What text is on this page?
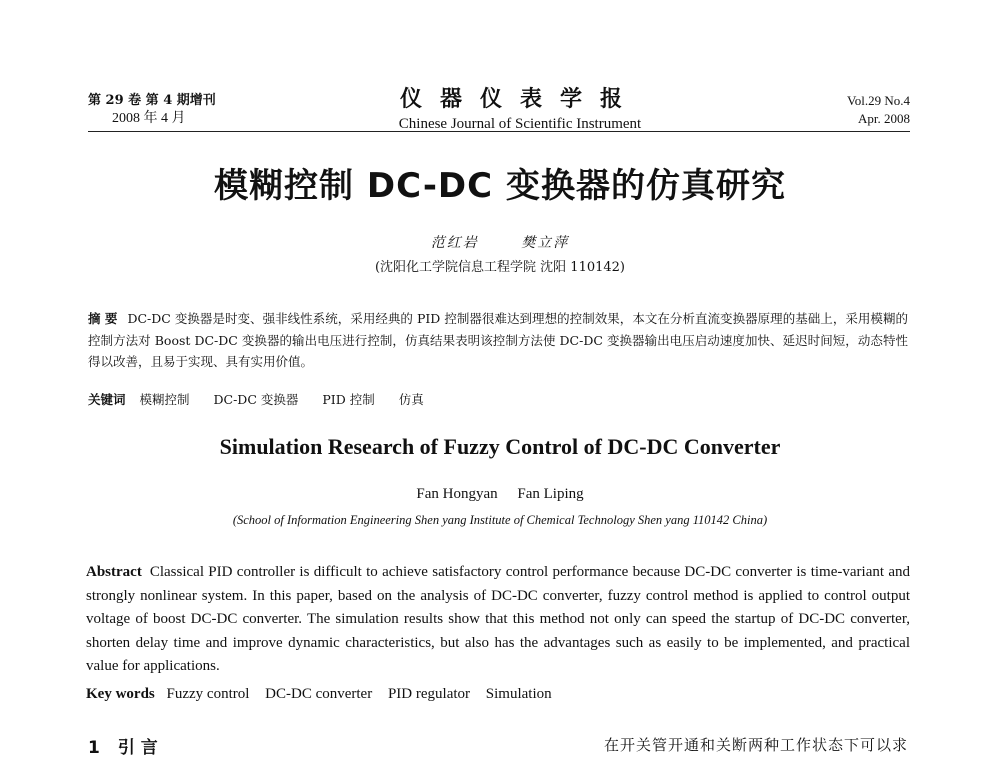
第 29 卷 第 4 期增刊
2008 年 4 月
仪器仪表学报
Chinese Journal of Scientific Instrument
Vol.29 No.4
Apr. 2008
模糊控制 DC-DC 变换器的仿真研究
范红岩	樊立萍
(沈阳化工学院信息工程学院 沈阳 110142)
摘 要 DC-DC 变换器是时变、强非线性系统，采用经典的 PID 控制器很难达到理想的控制效果，本文在分析直流变换器原理的基础上，采用模糊的控制方法对 Boost DC-DC 变换器的输出电压进行控制，仿真结果表明该控制方法使 DC-DC 变换器输出电压启动速度加快、延迟时间短，动态特性得以改善，且易于实现、具有实用价值。
关键词 模糊控制 DC-DC 变换器 PID 控制 仿真
Simulation Research of Fuzzy Control of DC-DC Converter
Fan Hongyan Fan Liping
(School of Information Engineering Shen yang Institute of Chemical Technology Shen yang 110142 China)
Abstract Classical PID controller is difficult to achieve satisfactory control performance because DC-DC converter is time-variant and strongly nonlinear system. In this paper, based on the analysis of DC-DC converter, fuzzy control method is applied to control output voltage of boost DC-DC converter. The simulation results show that this method not only can speed the startup of DC-DC converter, shorten delay time and improve dynamic characteristics, but also has the advantages such as easily to be implemented, and practical value for applications.
Key words Fuzzy control DC-DC converter PID regulator Simulation
1 引 言	在开关管开通和关断两种工作状态下可以求
